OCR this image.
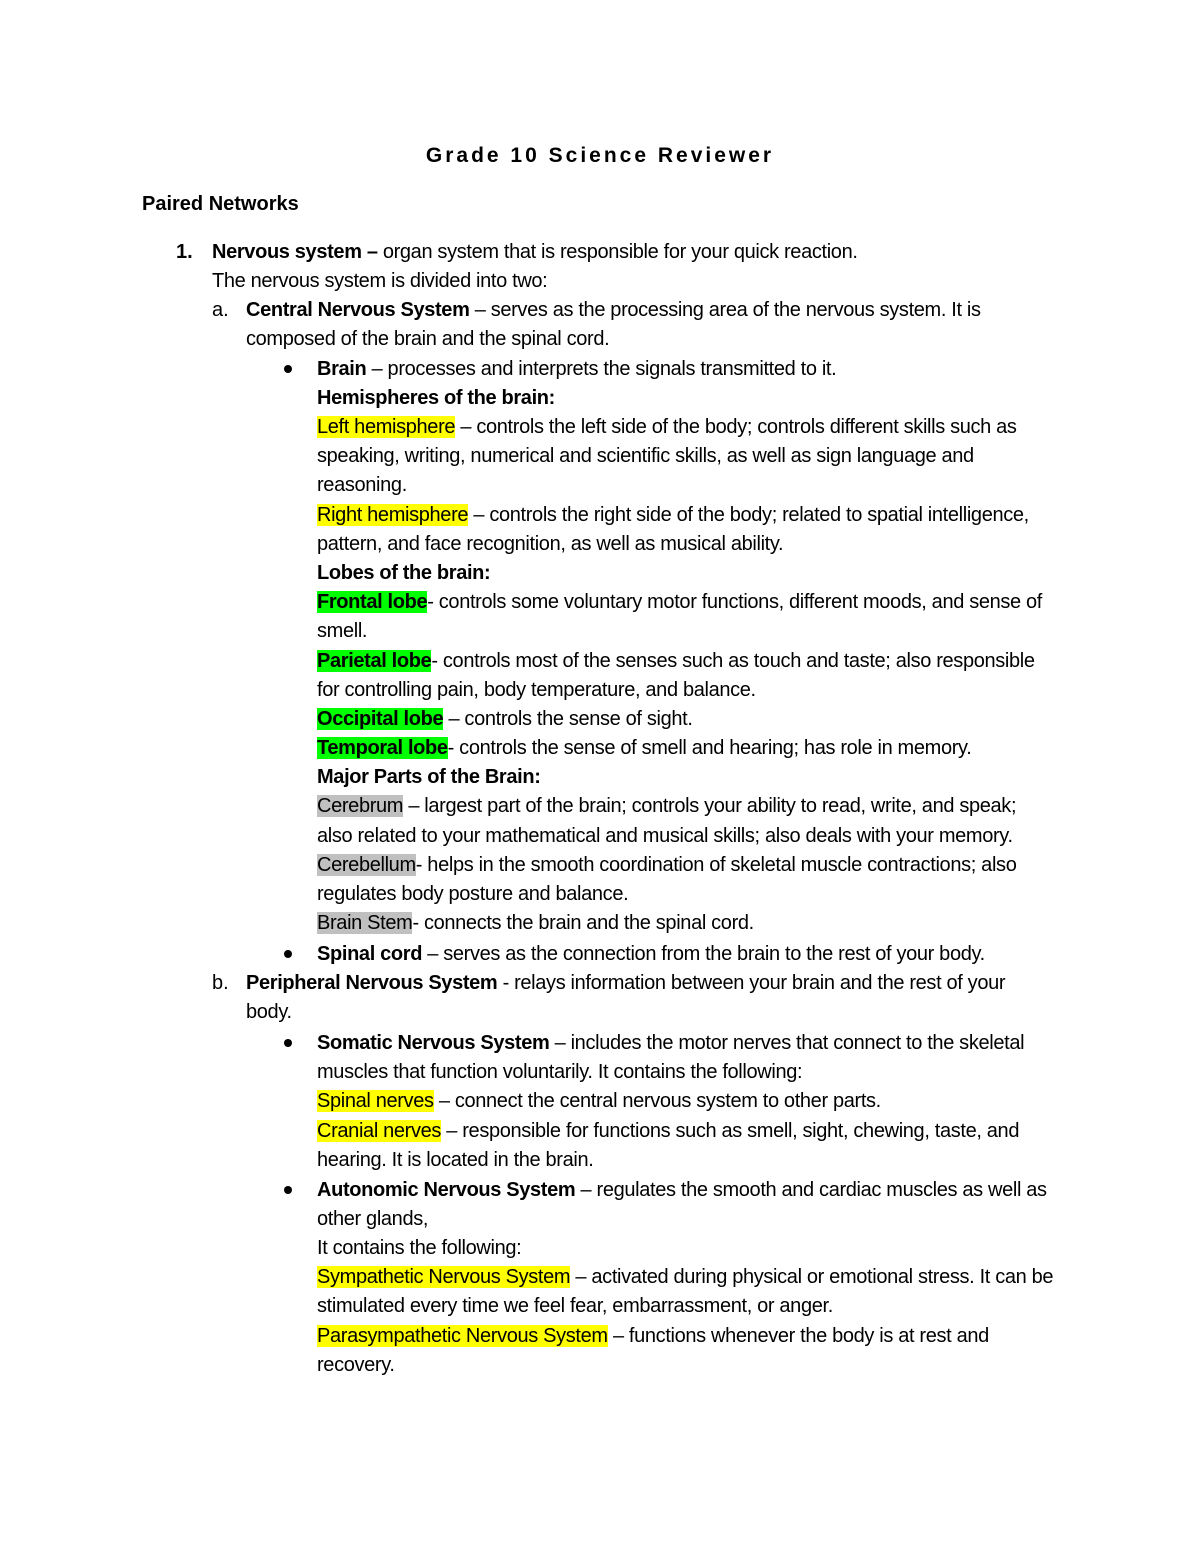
Grade 10 Science Reviewer
Paired Networks
1. Nervous system – organ system that is responsible for your quick reaction.
The nervous system is divided into two:
a. Central Nervous System – serves as the processing area of the nervous system. It is
composed of the brain and the spinal cord.
Brain – processes and interprets the signals transmitted to it.
Hemispheres of the brain:
Left hemisphere – controls the left side of the body; controls different skills such as
speaking, writing, numerical and scientific skills, as well as sign language and
reasoning.
Right hemisphere – controls the right side of the body; related to spatial intelligence,
pattern, and face recognition, as well as musical ability.
Lobes of the brain:
Frontal lobe- controls some voluntary motor functions, different moods, and sense of
smell.
Parietal lobe- controls most of the senses such as touch and taste; also responsible
for controlling pain, body temperature, and balance.
Occipital lobe – controls the sense of sight.
Temporal lobe- controls the sense of smell and hearing; has role in memory.
Major Parts of the Brain:
Cerebrum – largest part of the brain; controls your ability to read, write, and speak;
also related to your mathematical and musical skills; also deals with your memory.
Cerebellum- helps in the smooth coordination of skeletal muscle contractions; also
regulates body posture and balance.
Brain Stem- connects the brain and the spinal cord.
Spinal cord – serves as the connection from the brain to the rest of your body.
b. Peripheral Nervous System - relays information between your brain and the rest of your
body.
Somatic Nervous System – includes the motor nerves that connect to the skeletal
muscles that function voluntarily. It contains the following:
Spinal nerves – connect the central nervous system to other parts.
Cranial nerves – responsible for functions such as smell, sight, chewing, taste, and
hearing. It is located in the brain.
Autonomic Nervous System – regulates the smooth and cardiac muscles as well as
other glands,
It contains the following:
Sympathetic Nervous System – activated during physical or emotional stress. It can be
stimulated every time we feel fear, embarrassment, or anger.
Parasympathetic Nervous System – functions whenever the body is at rest and
recovery.
